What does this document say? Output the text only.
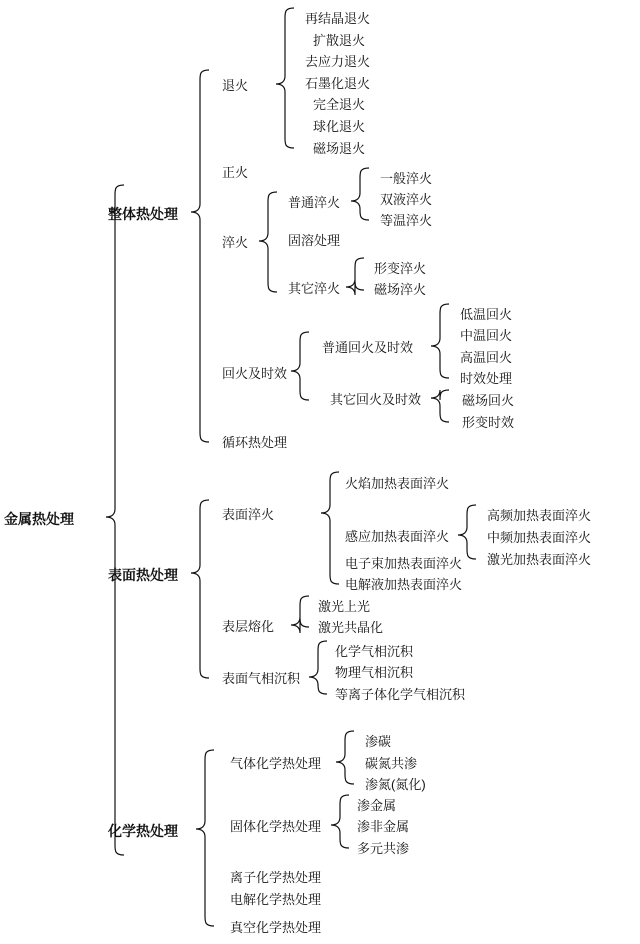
金属热处理
整体热处理
退火
再结晶退火
扩散退火
去应力退火
石墨化退火
完全退火
球化退火
磁场退火
正火
淬火
普通淬火
一般淬火
双液淬火
等温淬火
固溶处理
其它淬火
形变淬火
磁场淬火
回火及时效
普通回火及时效
低温回火
中温回火
高温回火
时效处理
其它回火及时效	磁场回火
形变时效
循环热处理
表面热处理
表面淬火
火焰加热表面淬火
感应加热表面淬火
高频加热表面淬火
中频加热表面淬火
激光加热表面淬火
电子束加热表面淬火
电解液加热表面淬火
表层熔化
激光上光
激光共晶化
表面气相沉积
化学气相沉积
物理气相沉积
等离子体化学气相沉积
化学热处理
气体化学热处理
渗碳
碳氮共渗
渗氮(氮化)
固体化学热处理
渗金属
渗非金属
多元共渗
离子化学热处理
电解化学热处理
真空化学热处理
